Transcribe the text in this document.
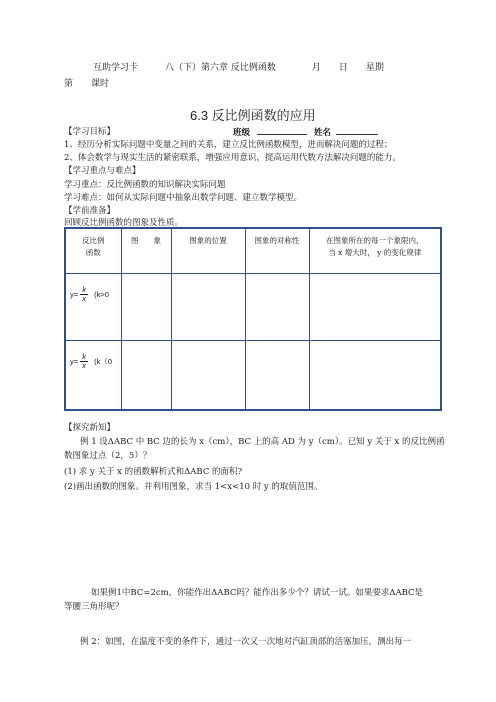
互助学习卡　　　八（下）第六章 反比例函数　　　　月　　日　　星期
第　　课时
6.3 反比例函数的应用
【学习目标】	班级	姓名
1、经历分析实际问题中变量之间的关系，建立反比例函数模型，进而解决问题的过程；
2、体会数学与现实生活的紧密联系，增强应用意识，提高运用代数方法解决问题的能力。
【学习重点与难点】
学习重点：反比例函数的知识解决实际问题
学习难点：如何从实际问题中抽象出数学问题、建立数学模型。
【学前准备】
回顾反比例函数的图象及性质。
反比例
函数	图　　象	图象的位置	图象的对称性	在图象所在的每一个象限内，
当 x 增大时， y 的变化规律

$y= \frac{k}{x} (k>0$				

$y= \frac{k}{x} (k(0$				

【探究新知】
例 1 设ΔABC 中 BC 边的长为 x（cm），BC 上的高 AD 为 y（cm）。已知 y 关于 x 的反比例函
数图象过点（2，5）？
(1) 求 y 关于 x 的函数解析式和ΔABC 的面积?
(2)画出函数的图象。并利用图象，求当 1<x<10 时 y 的取值范围。
如果例1中BC=2cm，你能作出ΔABC吗？能作出多少个？请试一试。如果要求ΔABC是
等腰三角形呢？
例 2：如图，在温度不变的条件下，通过一次又一次地对汽缸顶部的活塞加压，测出每一
